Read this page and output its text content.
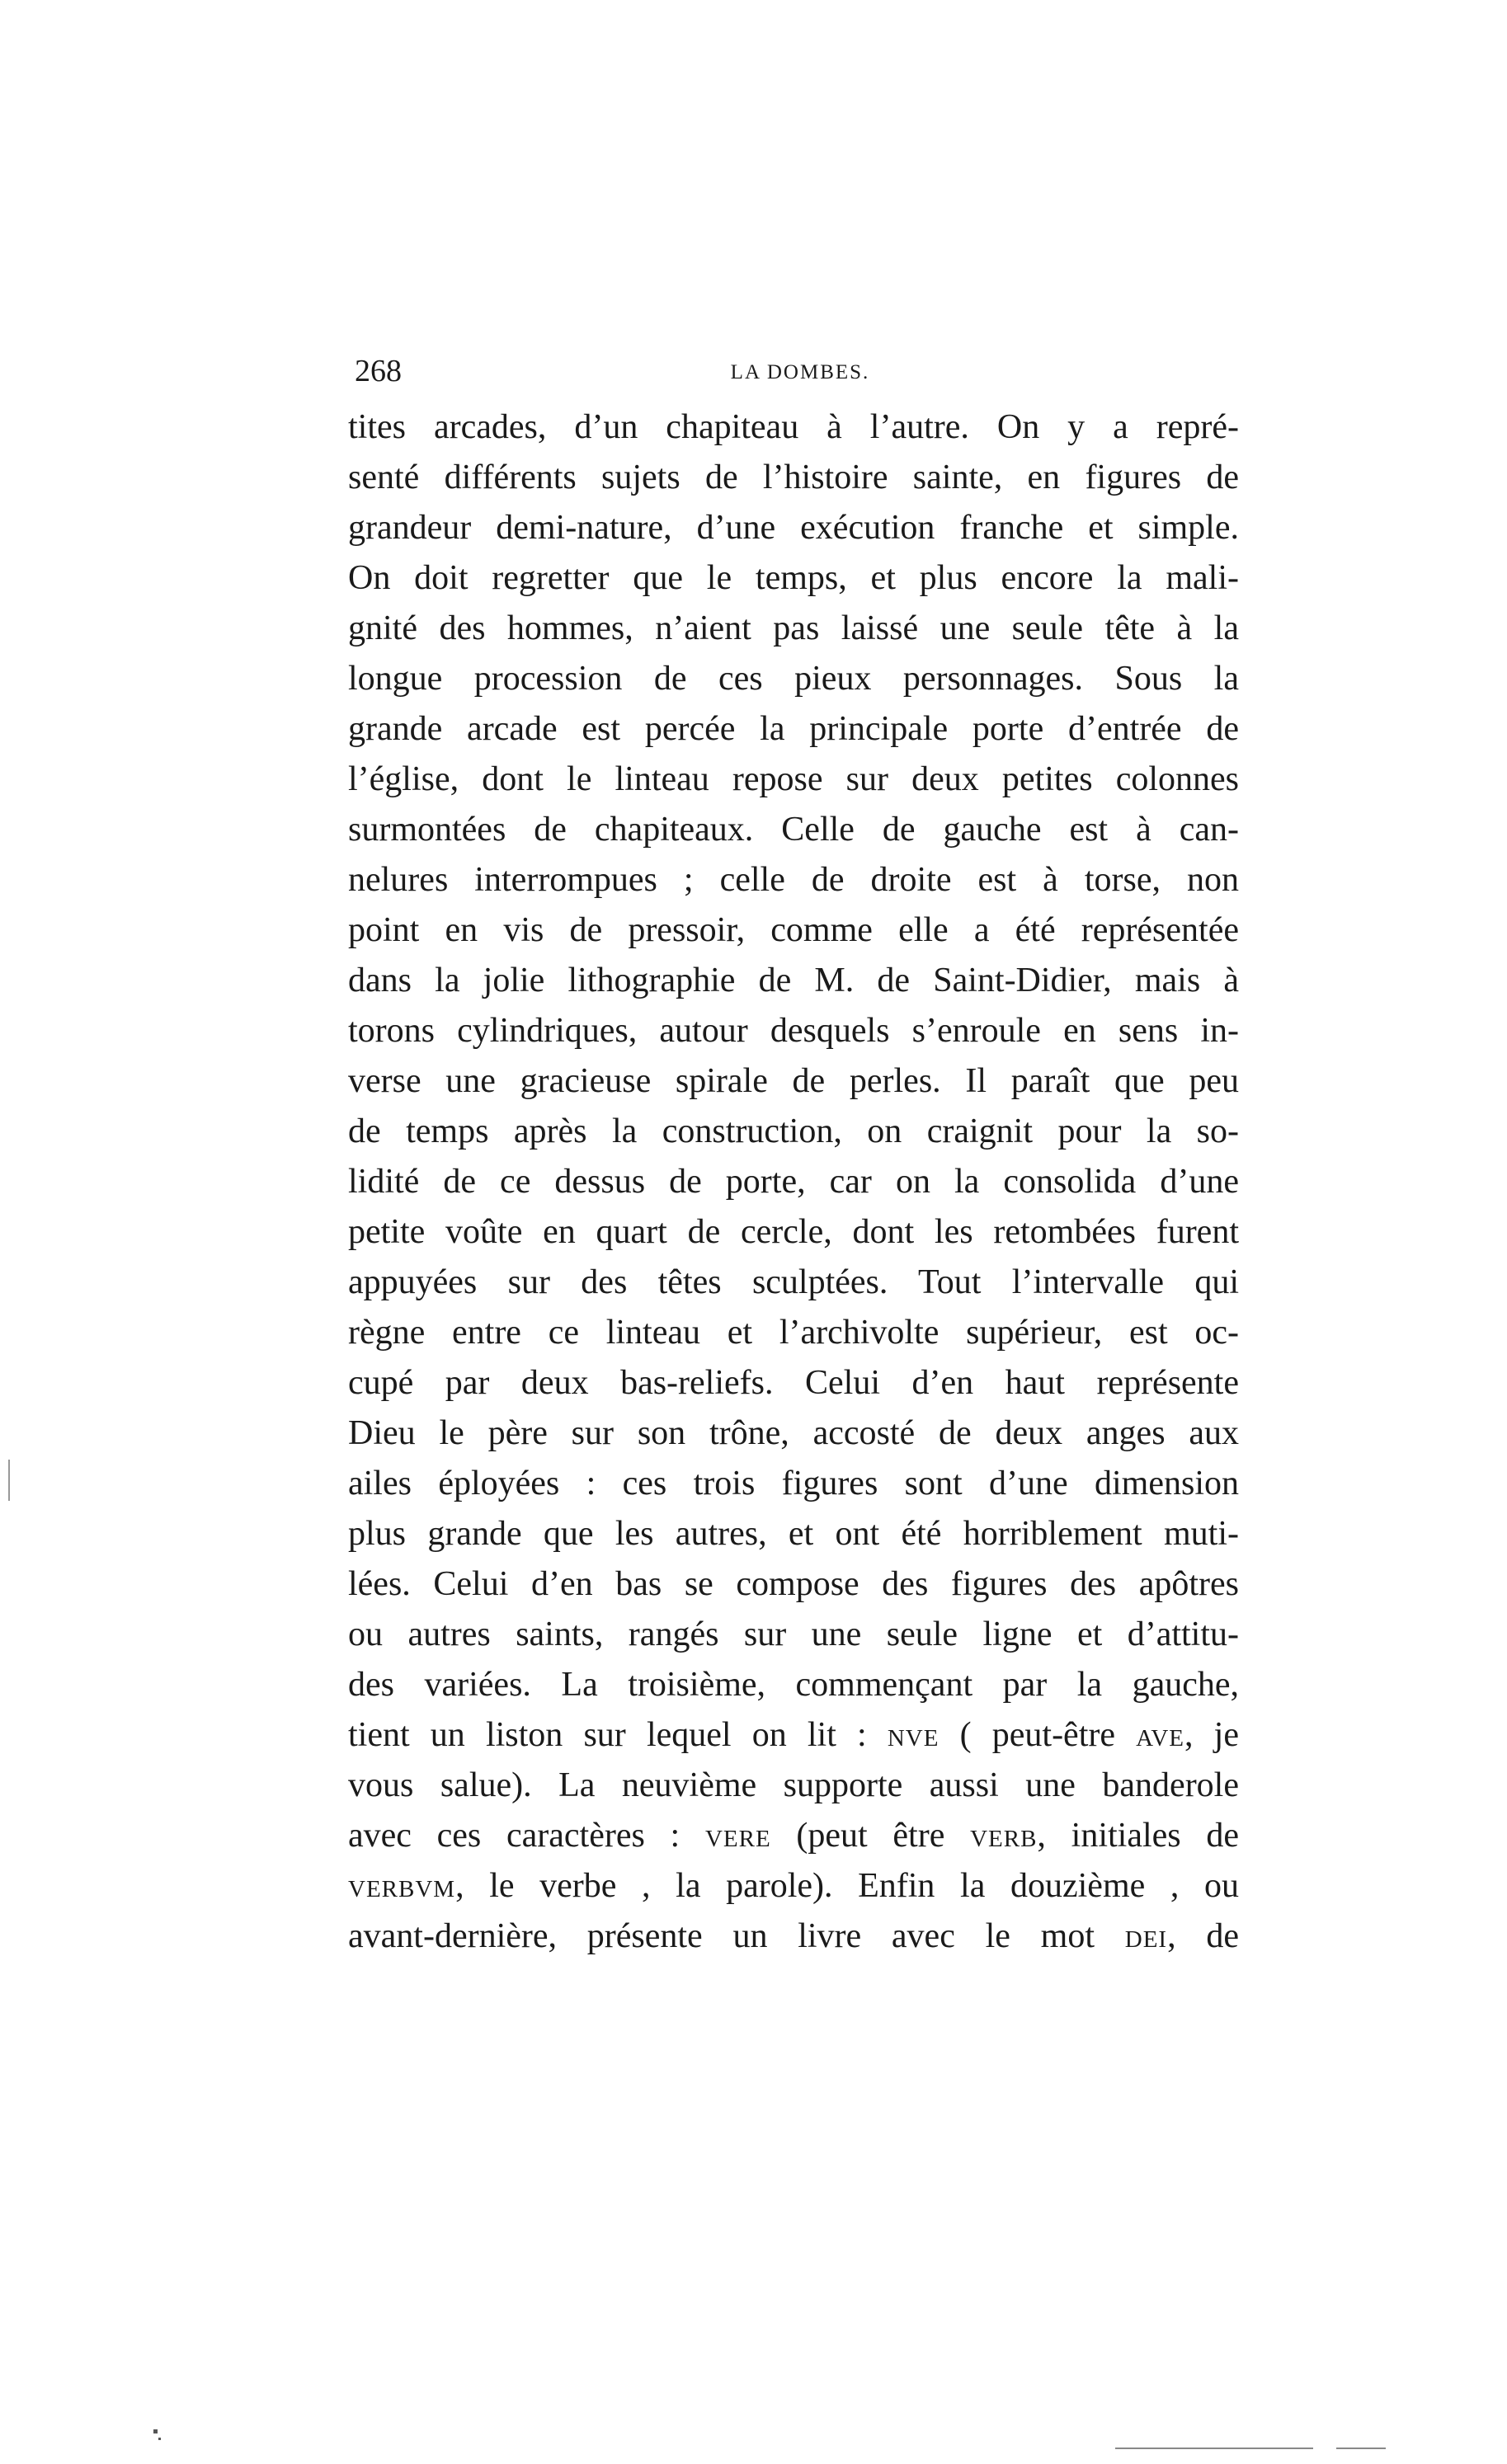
268	LA DOMBES.
tites arcades, d’un chapiteau à l’autre. On y a repré-
senté différents sujets de l’histoire sainte, en figures de
grandeur demi-nature, d’une exécution franche et simple.
On doit regretter que le temps, et plus encore la mali-
gnité des hommes, n’aient pas laissé une seule tête à la
longue procession de ces pieux personnages. Sous la
grande arcade est percée la principale porte d’entrée de
l’église, dont le linteau repose sur deux petites colonnes
surmontées de chapiteaux. Celle de gauche est à can-
nelures interrompues ; celle de droite est à torse, non
point en vis de pressoir, comme elle a été représentée
dans la jolie lithographie de M. de Saint-Didier, mais à
torons cylindriques, autour desquels s’enroule en sens in-
verse une gracieuse spirale de perles. Il paraît que peu
de temps après la construction, on craignit pour la so-
lidité de ce dessus de porte, car on la consolida d’une
petite voûte en quart de cercle, dont les retombées furent
appuyées sur des têtes sculptées. Tout l’intervalle qui
règne entre ce linteau et l’archivolte supérieur, est oc-
cupé par deux bas-reliefs. Celui d’en haut représente
Dieu le père sur son trône, accosté de deux anges aux
ailes éployées : ces trois figures sont d’une dimension
plus grande que les autres, et ont été horriblement muti-
lées. Celui d’en bas se compose des figures des apôtres
ou autres saints, rangés sur une seule ligne et d’attitu-
des variées. La troisième, commençant par la gauche,
tient un liston sur lequel on lit : nve ( peut-être ave, je
vous salue). La neuvième supporte aussi une banderole
avec ces caractères : vere (peut être verb, initiales de
verbvm, le verbe , la parole). Enfin la douzième , ou
avant-dernière, présente un livre avec le mot dei, de
